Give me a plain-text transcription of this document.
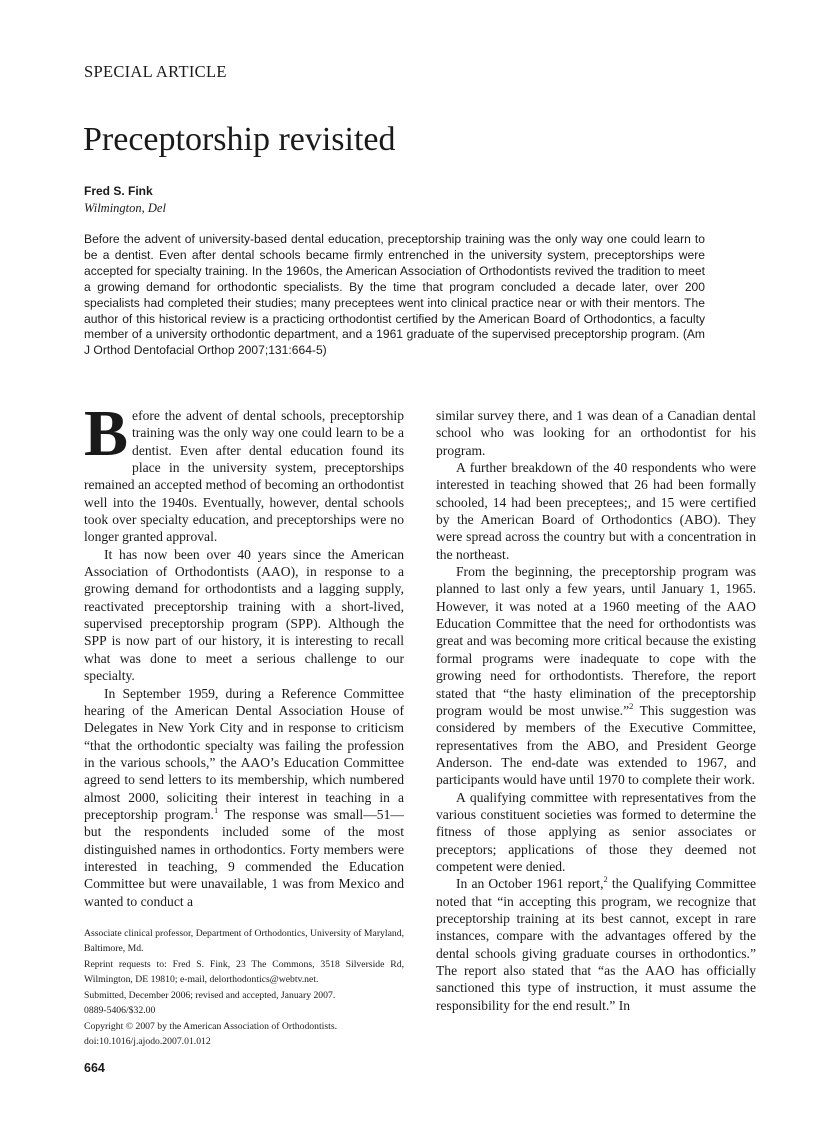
SPECIAL ARTICLE
Preceptorship revisited
Fred S. Fink
Wilmington, Del

Before the advent of university-based dental education, preceptorship training was the only way one could learn to be a dentist. Even after dental schools became firmly entrenched in the university system, preceptorships were accepted for specialty training. In the 1960s, the American Association of Orthodontists revived the tradition to meet a growing demand for orthodontic specialists. By the time that program concluded a decade later, over 200 specialists had completed their studies; many preceptees went into clinical practice near or with their mentors. The author of this historical review is a practicing orthodontist certified by the American Board of Orthodontics, a faculty member of a university orthodontic department, and a 1961 graduate of the supervised preceptorship program. (Am J Orthod Dentofacial Orthop 2007;131:664-5)

Before the advent of dental schools, preceptorship training was the only way one could learn to be a dentist. Even after dental education found its place in the university system, preceptorships remained an accepted method of becoming an orthodontist well into the 1940s. Eventually, however, dental schools took over specialty education, and preceptorships were no longer granted approval.

It has now been over 40 years since the American Association of Orthodontists (AAO), in response to a growing demand for orthodontists and a lagging supply, reactivated preceptorship training with a short-lived, supervised preceptorship program (SPP). Although the SPP is now part of our history, it is interesting to recall what was done to meet a serious challenge to our specialty.

In September 1959, during a Reference Committee hearing of the American Dental Association House of Delegates in New York City and in response to criticism “that the orthodontic specialty was failing the profession in the various schools,” the AAO’s Education Committee agreed to send letters to its membership, which numbered almost 2000, soliciting their interest in teaching in a preceptorship program.$^1$ The response was small—51—but the respondents included some of the most distinguished names in orthodontics. Forty members were interested in teaching, 9 commended the Education Committee but were unavailable, 1 was from Mexico and wanted to conduct a

Associate clinical professor, Department of Orthodontics, University of Maryland, Baltimore, Md.
Reprint requests to: Fred S. Fink, 23 The Commons, 3518 Silverside Rd, Wilmington, DE 19810; e-mail, delorthodontics@webtv.net.
Submitted, December 2006; revised and accepted, January 2007.
0889-5406/$32.00
Copyright © 2007 by the American Association of Orthodontists.
doi:10.1016/j.ajodo.2007.01.012
664

similar survey there, and 1 was dean of a Canadian dental school who was looking for an orthodontist for his program.

A further breakdown of the 40 respondents who were interested in teaching showed that 26 had been formally schooled, 14 had been preceptees;, and 15 were certified by the American Board of Orthodontics (ABO). They were spread across the country but with a concentration in the northeast.

From the beginning, the preceptorship program was planned to last only a few years, until January 1, 1965. However, it was noted at a 1960 meeting of the AAO Education Committee that the need for orthodontists was great and was becoming more critical because the existing formal programs were inadequate to cope with the growing need for orthodontists. Therefore, the report stated that “the hasty elimination of the preceptorship program would be most unwise.”$^2$ This suggestion was considered by members of the Executive Committee, representatives from the ABO, and President George Anderson. The end-date was extended to 1967, and participants would have until 1970 to complete their work.

A qualifying committee with representatives from the various constituent societies was formed to determine the fitness of those applying as senior associates or preceptors; applications of those they deemed not competent were denied.

In an October 1961 report,$^2$ the Qualifying Committee noted that “in accepting this program, we recognize that preceptorship training at its best cannot, except in rare instances, compare with the advantages offered by the dental schools giving graduate courses in orthodontics.” The report also stated that “as the AAO has officially sanctioned this type of instruction, it must assume the responsibility for the end result.” In
